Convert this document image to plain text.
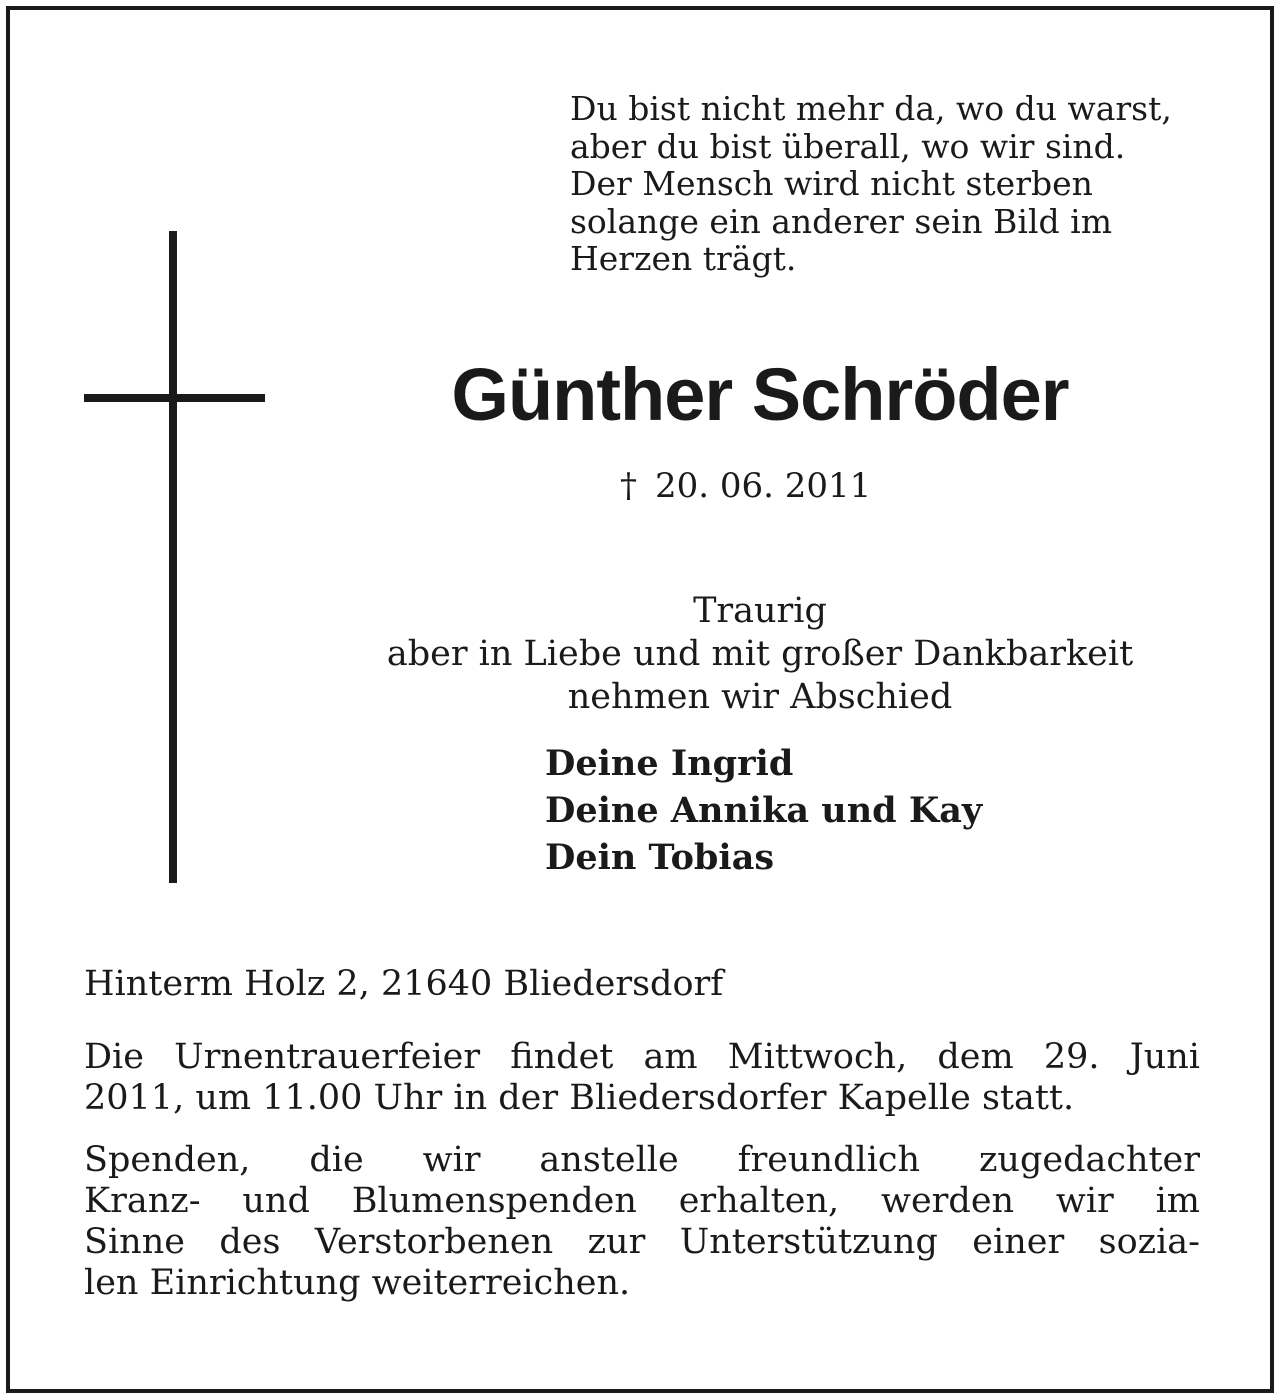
Du bist nicht mehr da, wo du warst,
aber du bist überall, wo wir sind.
Der Mensch wird nicht sterben
solange ein anderer sein Bild im
Herzen trägt.
Günther Schröder
† 20. 06. 2011
Traurig
aber in Liebe und mit großer Dankbarkeit
nehmen wir Abschied
Deine Ingrid
Deine Annika und Kay
Dein Tobias
Hinterm Holz 2, 21640 Bliedersdorf
Die Urnentrauerfeier findet am Mittwoch, dem 29. Juni
2011, um 11.00 Uhr in der Bliedersdorfer Kapelle statt.
Spenden, die wir anstelle freundlich zugedachter
Kranz- und Blumenspenden erhalten, werden wir im
Sinne des Verstorbenen zur Unterstützung einer sozia-
len Einrichtung weiterreichen.
